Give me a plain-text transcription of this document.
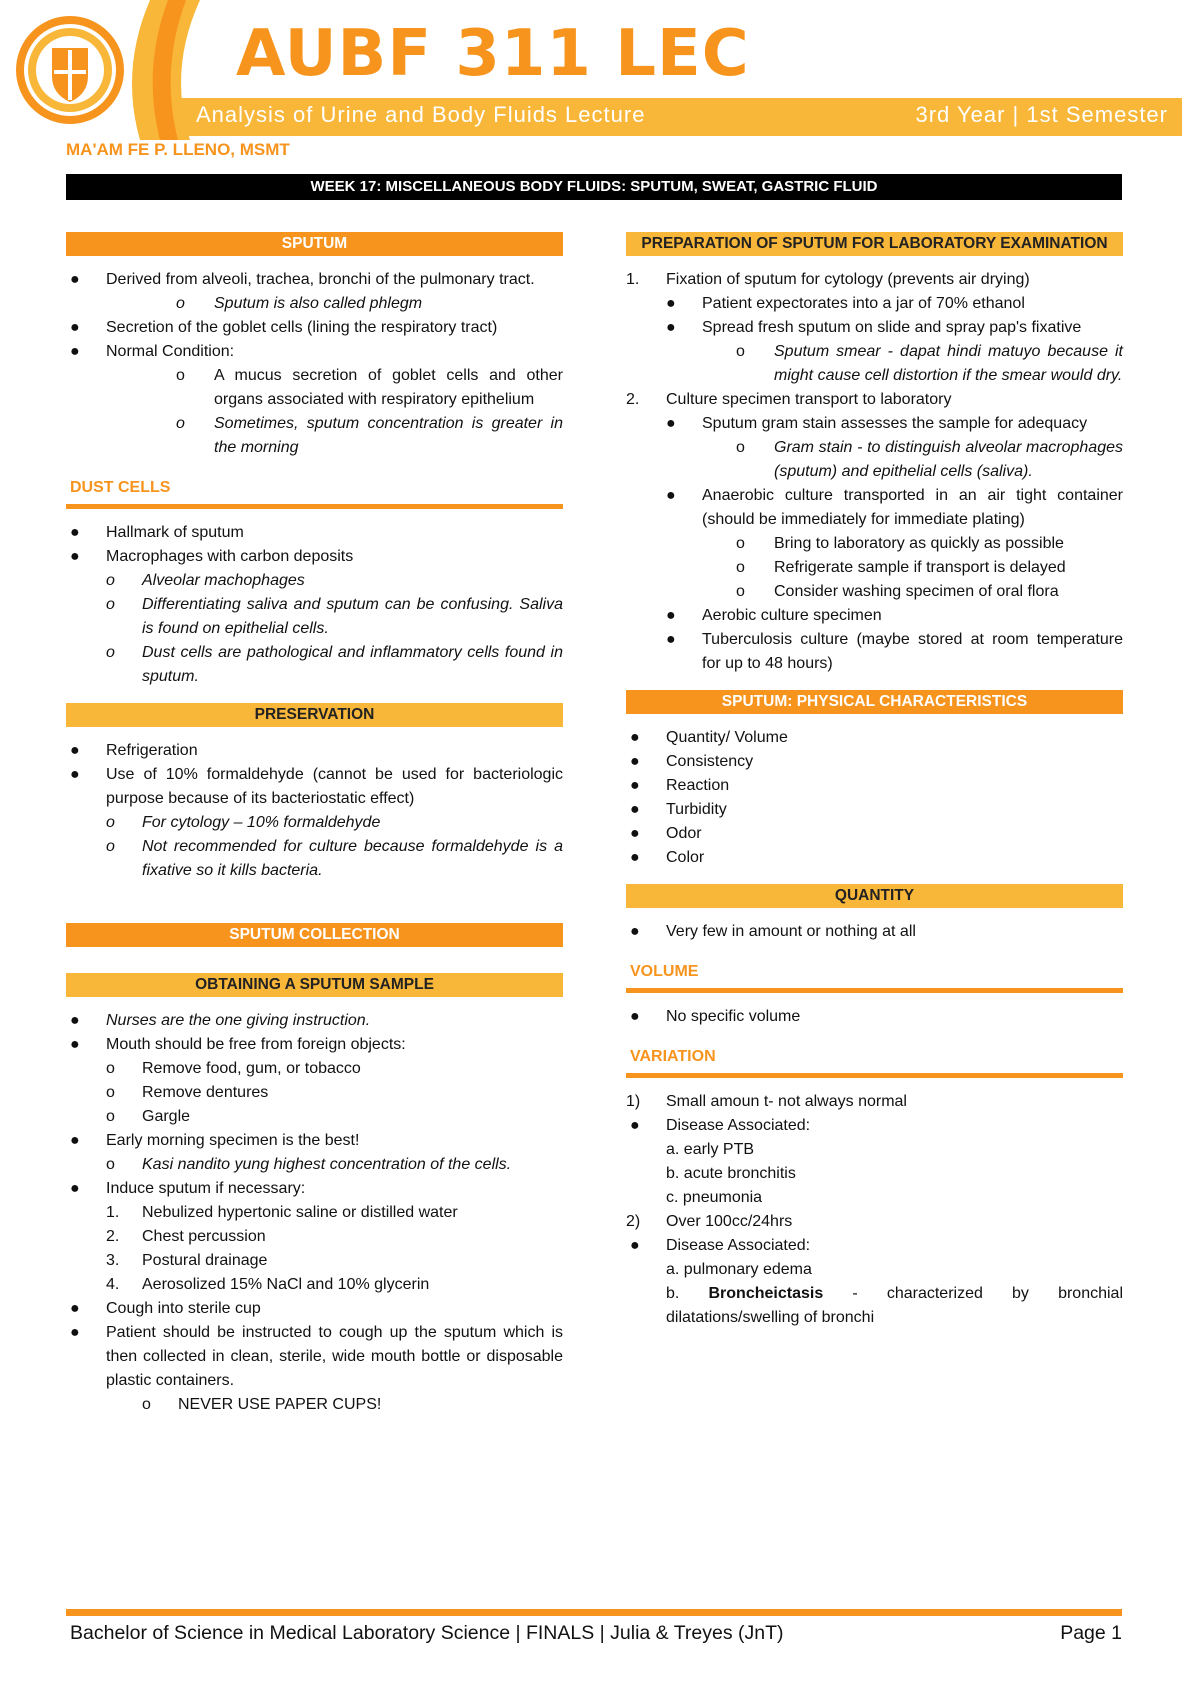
AUBF 311 LEC
Analysis of Urine and Body Fluids Lecture	3rd Year | 1st Semester
MA'AM FE P. LLENO, MSMT
WEEK 17: MISCELLANEOUS BODY FLUIDS: SPUTUM, SWEAT, GASTRIC FLUID
SPUTUM
● Derived from alveoli, trachea, bronchi of the pulmonary tract.
o Sputum is also called phlegm
● Secretion of the goblet cells (lining the respiratory tract)
● Normal Condition:
o A mucus secretion of goblet cells and other organs associated with respiratory epithelium
o Sometimes, sputum concentration is greater in the morning
DUST CELLS
● Hallmark of sputum
● Macrophages with carbon deposits
o Alveolar machophages
o Differentiating saliva and sputum can be confusing. Saliva is found on epithelial cells.
o Dust cells are pathological and inflammatory cells found in sputum.
PRESERVATION
● Refrigeration
● Use of 10% formaldehyde (cannot be used for bacteriologic purpose because of its bacteriostatic effect)
o For cytology – 10% formaldehyde
o Not recommended for culture because formaldehyde is a fixative so it kills bacteria.
SPUTUM COLLECTION
OBTAINING A SPUTUM SAMPLE
● Nurses are the one giving instruction.
● Mouth should be free from foreign objects:
o Remove food, gum, or tobacco
o Remove dentures
o Gargle
● Early morning specimen is the best!
o Kasi nandito yung highest concentration of the cells.
● Induce sputum if necessary:
1. Nebulized hypertonic saline or distilled water
2. Chest percussion
3. Postural drainage
4. Aerosolized 15% NaCl and 10% glycerin
● Cough into sterile cup
● Patient should be instructed to cough up the sputum which is then collected in clean, sterile, wide mouth bottle or disposable plastic containers.
o NEVER USE PAPER CUPS!
PREPARATION OF SPUTUM FOR LABORATORY EXAMINATION
1. Fixation of sputum for cytology (prevents air drying)
● Patient expectorates into a jar of 70% ethanol
● Spread fresh sputum on slide and spray pap's fixative
o Sputum smear - dapat hindi matuyo because it might cause cell distortion if the smear would dry.
2. Culture specimen transport to laboratory
● Sputum gram stain assesses the sample for adequacy
o Gram stain - to distinguish alveolar macrophages (sputum) and epithelial cells (saliva).
● Anaerobic culture transported in an air tight container (should be immediately for immediate plating)
o Bring to laboratory as quickly as possible
o Refrigerate sample if transport is delayed
o Consider washing specimen of oral flora
● Aerobic culture specimen
● Tuberculosis culture (maybe stored at room temperature for up to 48 hours)
SPUTUM: PHYSICAL CHARACTERISTICS
● Quantity/ Volume
● Consistency
● Reaction
● Turbidity
● Odor
● Color
QUANTITY
● Very few in amount or nothing at all
VOLUME
● No specific volume
VARIATION
1) Small amoun t- not always normal
● Disease Associated:
a. early PTB
b. acute bronchitis
c. pneumonia
2) Over 100cc/24hrs
● Disease Associated:
a. pulmonary edema
b. Broncheictasis - characterized by bronchial dilatations/swelling of bronchi
Bachelor of Science in Medical Laboratory Science | FINALS | Julia & Treyes (JnT)	Page 1
